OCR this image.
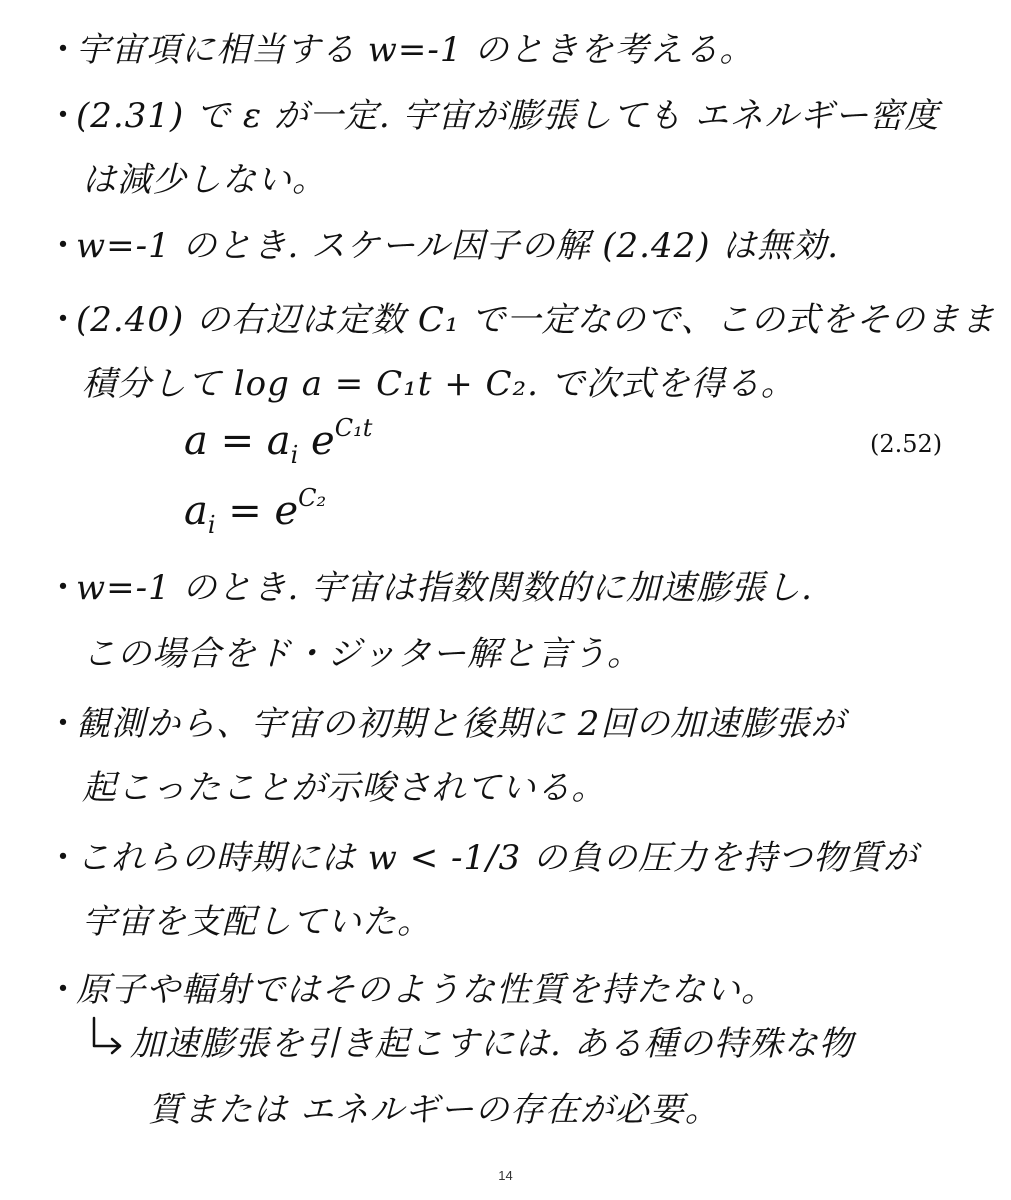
・宇宙項に相当する w=-1 のときを考える。
・(2.31) で ε が一定. 宇宙が膨張しても エネルギー密度
は減少しない。
・w=-1 のとき. スケール因子の解 (2.42) は無効.
・(2.40) の右辺は定数 C₁ で一定なので、この式をそのまま
積分して log a = C₁t + C₂. で次式を得る。
$a = a_i$ $e^{C_1t}$
(2.52)
$a_i = e^{C_2}$
・w=-1 のとき. 宇宙は指数関数的に加速膨張し.
この場合をド・ジッター解と言う。
・観測から、宇宙の初期と後期に 2回の加速膨張が
起こったことが示唆されている。
・これらの時期には w < -1/3 の負の圧力を持つ物質が
宇宙を支配していた。
・原子や輻射ではそのような性質を持たない。
加速膨張を引き起こすには. ある種の特殊な物
質または エネルギーの存在が必要。
14
